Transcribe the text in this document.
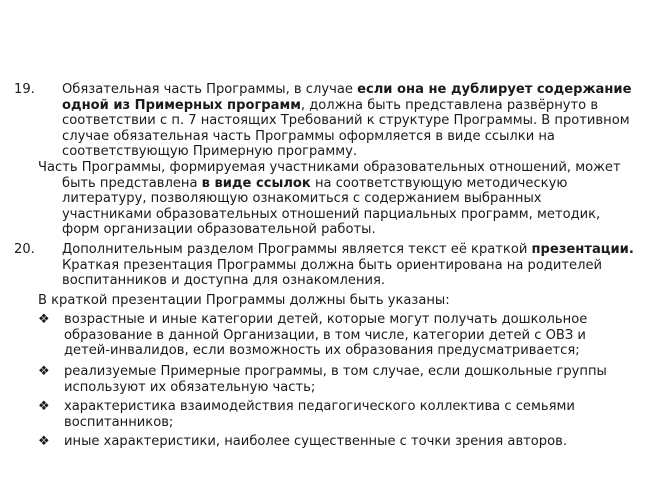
19. Обязательная часть Программы, в случае если она не дублирует содержание одной из Примерных программ, должна быть представлена развёрнуто в соответствии с п. 7 настоящих Требований к структуре Программы. В противном случае обязательная часть Программы оформляется в виде ссылки на соответствующую Примерную программу.
Часть Программы, формируемая участниками образовательных отношений, может быть представлена в виде ссылок на соответствующую методическую литературу, позволяющую ознакомиться с содержанием выбранных участниками образовательных отношений парциальных программ, методик, форм организации образовательной работы.
20. Дополнительным разделом Программы является текст её краткой презентации. Краткая презентация Программы должна быть ориентирована на родителей воспитанников и доступна для ознакомления.
В краткой презентации Программы должны быть указаны:
❖	возрастные и иные категории детей, которые могут получать дошкольное образование в данной Организации, в том числе, категории детей с ОВЗ и детей-инвалидов, если возможность их образования предусматривается;
❖	реализуемые Примерные программы, в том случае, если дошкольные группы используют их обязательную часть;
❖	характеристика взаимодействия педагогического коллектива с семьями воспитанников;
❖	иные характеристики, наиболее существенные с точки зрения авторов.
